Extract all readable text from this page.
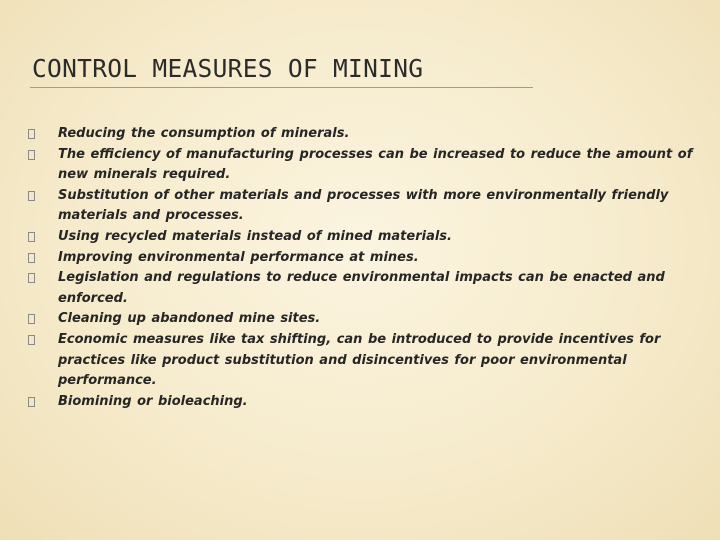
CONTROL MEASURES OF MINING
Reducing the consumption of minerals.
The efficiency of manufacturing processes can be increased to reduce the amount of new minerals required.
Substitution of other materials and processes with more environmentally friendly materials and processes.
Using recycled materials instead of mined materials.
Improving environmental performance at mines.
Legislation and regulations to reduce environmental impacts can be enacted and enforced.
Cleaning up abandoned mine sites.
Economic measures like tax shifting, can be introduced to provide incentives for practices like product substitution and disincentives for poor environmental performance.
Biomining or bioleaching.
